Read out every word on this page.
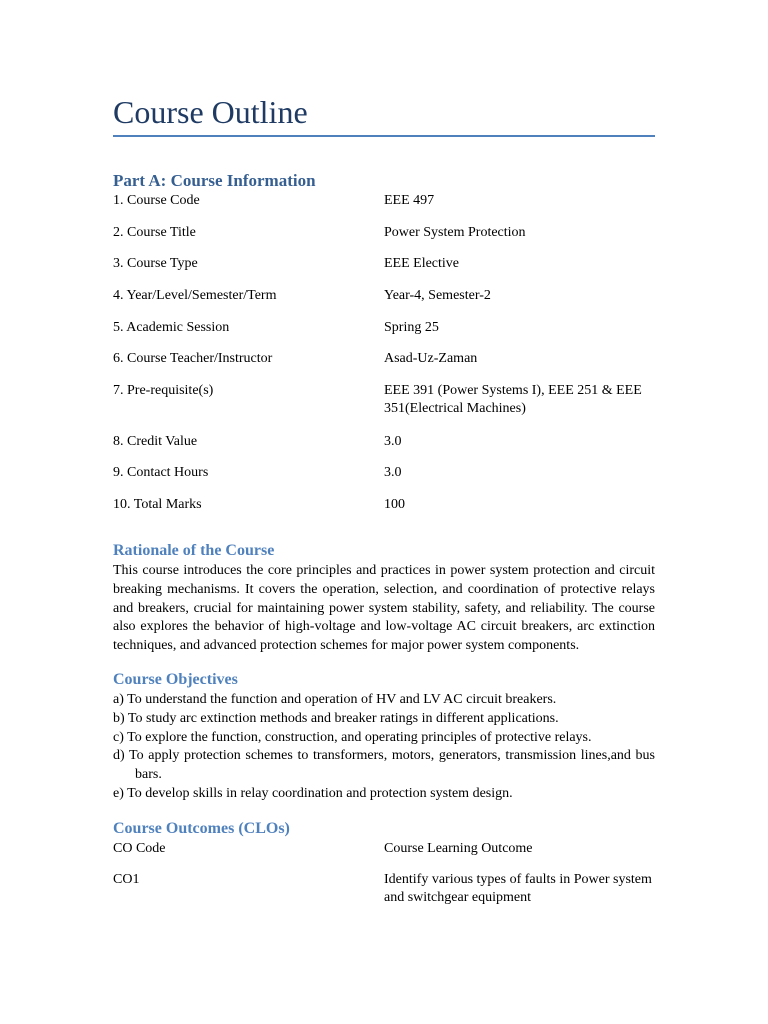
Course Outline
Part A: Course Information
1. Course Code	EEE 497
2. Course Title	Power System Protection
3. Course Type	EEE Elective
4. Year/Level/Semester/Term	Year-4, Semester-2
5. Academic Session	Spring 25
6. Course Teacher/Instructor	Asad-Uz-Zaman
7. Pre-requisite(s)	EEE 391 (Power Systems I), EEE 251 & EEE 351(Electrical Machines)
8. Credit Value	3.0
9. Contact Hours	3.0
10. Total Marks	100
Rationale of the Course
This course introduces the core principles and practices in power system protection and circuit breaking mechanisms. It covers the operation, selection, and coordination of protective relays and breakers, crucial for maintaining power system stability, safety, and reliability. The course also explores the behavior of high-voltage and low-voltage AC circuit breakers, arc extinction techniques, and advanced protection schemes for major power system components.
Course Objectives
a) To understand the function and operation of HV and LV AC circuit breakers.
b) To study arc extinction methods and breaker ratings in different applications.
c) To explore the function, construction, and operating principles of protective relays.
d) To apply protection schemes to transformers, motors, generators, transmission lines,and bus bars.
e) To develop skills in relay coordination and protection system design.
Course Outcomes (CLOs)
CO Code	Course Learning Outcome
CO1	Identify various types of faults in Power system and switchgear equipment
